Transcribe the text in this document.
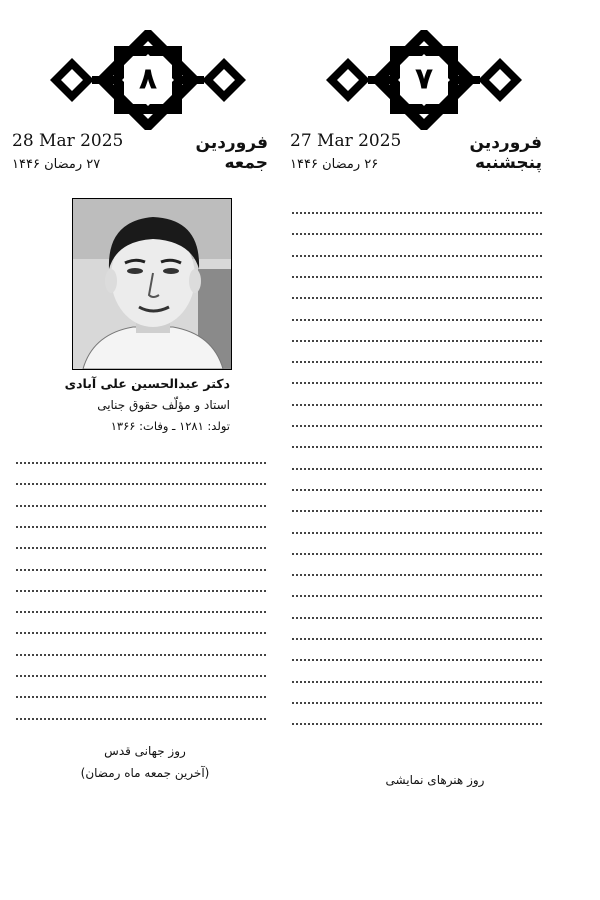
۸
28 Mar 2025	فروردین
جمعه
۲۷ رمضان ۱۴۴۶
دکتر عبدالحسین علی آبادی
استاد و مؤلّف حقوق جنایی
تولد: ۱۲۸۱ ـ وفات: ۱۳۶۶
روز جهانی قدس
(آخرین جمعه ماه رمضان)
۷
27 Mar 2025	فروردین
پنجشنبه
۲۶ رمضان ۱۴۴۶
روز هنرهای نمایشی
